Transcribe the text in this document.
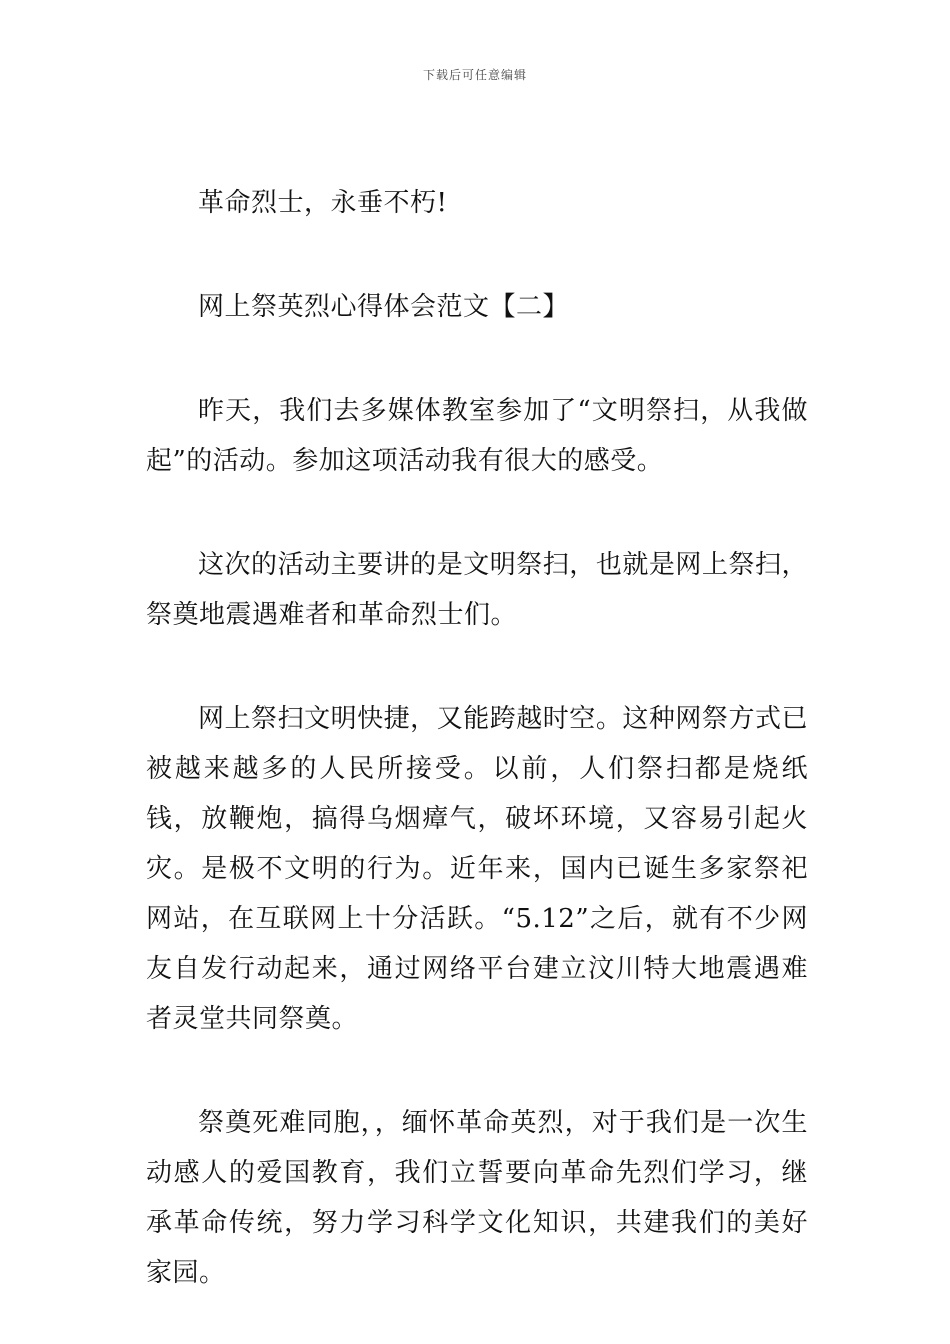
下载后可任意编辑

革命烈士，永垂不朽!

网上祭英烈心得体会范文【二】

昨天，我们去多媒体教室参加了“文明祭扫，从我做起”的活动。参加这项活动我有很大的感受。

这次的活动主要讲的是文明祭扫，也就是网上祭扫，祭奠地震遇难者和革命烈士们。

网上祭扫文明快捷，又能跨越时空。这种网祭方式已被越来越多的人民所接受。以前，人们祭扫都是烧纸钱，放鞭炮，搞得乌烟瘴气，破坏环境，又容易引起火灾。是极不文明的行为。近年来，国内已诞生多家祭祀网站，在互联网上十分活跃。“5.12”之后，就有不少网友自发行动起来，通过网络平台建立汶川特大地震遇难者灵堂共同祭奠。

祭奠死难同胞，，缅怀革命英烈，对于我们是一次生动感人的爱国教育，我们立誓要向革命先烈们学习，继承革命传统，努力学习科学文化知识，共建我们的美好家园。
